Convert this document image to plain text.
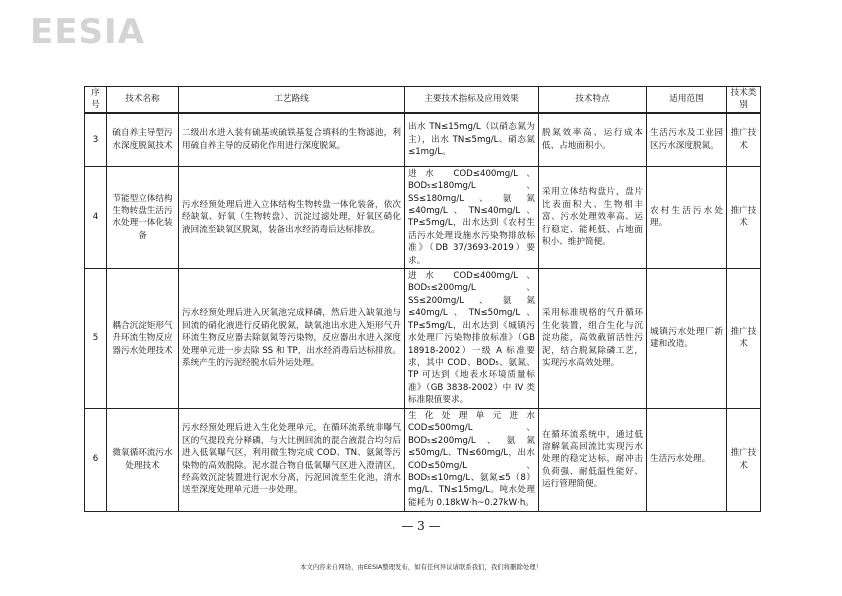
EESIA
序号	技术名称	工艺路线	主要技术指标及应用效果	技术特点	适用范围	技术类别
3	硫自养主导型污水深度脱氮技术	二级出水进入装有硫基或硫铁基复合填料的生物滤池，利用硫自养主导的反硝化作用进行深度脱氮。	出水 TN≤15mg/L（以硝态氮为主），出水 TN≤5mg/L、硝态氮≤1mg/L。	脱氮效率高、运行成本低、占地面积小。	生活污水及工业园区污水深度脱氮。	推广技术
4	节能型立体结构生物转盘生活污水处理一体化装备	污水经预处理后进入立体结构生物转盘一体化装备，依次经缺氧、好氧（生物转盘）、沉淀过滤处理，好氧区硝化液回流至缺氧区脱氮，装备出水经消毒后达标排放。	进水 COD≤400mg/L、BOD₅≤180mg/L、SS≤180mg/L、氨氮≤40mg/L、TN≤40mg/L、TP≤5mg/L，出水达到《农村生活污水处理设施水污染物排放标准》（DB 37/3693-2019）要求。	采用立体结构盘片，盘片比表面积大、生物相丰富、污水处理效率高、运行稳定、能耗低、占地面积小、维护简便。	农村生活污水处理。	推广技术
5	耦合沉淀矩形气升环流生物反应器污水处理技术	污水经预处理后进入厌氧池完成释磷，然后进入缺氧池与回流的硝化液进行反硝化脱氮，缺氧池出水进入矩形气升环流生物反应器去除氨氮等污染物，反应器出水进入深度处理单元进一步去除 SS 和 TP，出水经消毒后达标排放。系统产生的污泥经脱水后外运处理。	进水 COD≤400mg/L、BOD₅≤200mg/L、SS≤200mg/L、氨氮≤40mg/L、TN≤50mg/L、TP≤5mg/L，出水达到《城镇污水处理厂污染物排放标准》（GB 18918-2002）一级 A 标准要求，其中 COD、BOD₅、氨氮、TP 可达到《地表水环境质量标准》（GB 3838-2002）中 IV 类标准限值要求。	采用标准规格的气升循环生化装置，组合生化与沉淀功能，高效截留活性污泥，结合脱氮除磷工艺，实现污水高效处理。	城镇污水处理厂新建和改造。	推广技术
6	微氧循环流污水处理技术	污水经预处理后进入生化处理单元，在循环流系统非曝气区的气提段充分释磷，与大比例回流的混合液混合均匀后进入低氧曝气区，利用微生物完成 COD、TN、氨氮等污染物的高效脱除。泥水混合物自低氧曝气区进入澄清区，经高效沉淀装置进行泥水分离，污泥回流至生化池，清水送至深度处理单元进一步处理。	生化处理单元进水 COD≤500mg/L、BOD₅≤200mg/L、氨氮≤50mg/L、TN≤60mg/L，出水 COD≤50mg/L、BOD₅≤10mg/L、氨氮≤5（8）mg/L、TN≤15mg/L。吨水处理能耗为 0.18kW·h~0.27kW·h。	在循环流系统中，通过低溶解氧高回流比实现污水处理的稳定达标，耐冲击负荷强、耐低温性能好、运行管理简便。	生活污水处理。	推广技术
— 3 —
本文内容来自网络，由EESIA整理发布，如有任何异议请联系我们，我们将删除处理！
